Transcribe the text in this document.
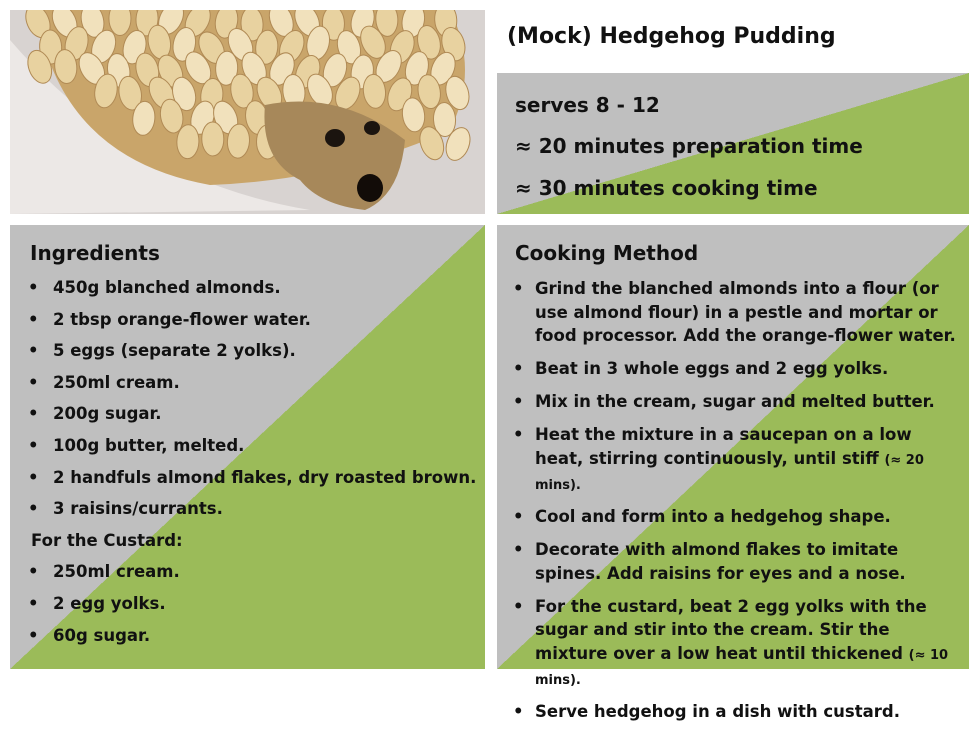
(Mock) Hedgehog Pudding
serves 8 - 12
≈ 20 minutes preparation time
≈ 30 minutes cooking time
Ingredients
• 450g blanched almonds.
• 2 tbsp orange-flower water.
• 5 eggs (separate 2 yolks).
• 250ml cream.
• 200g sugar.
• 100g butter, melted.
• 2 handfuls almond flakes, dry roasted brown.
• 3 raisins/currants.
For the Custard:
• 250ml cream.
• 2 egg yolks.
• 60g sugar.
Cooking Method
• Grind the blanched almonds into a flour (or use almond flour) in a pestle and mortar or food processor. Add the orange-flower water.
• Beat in 3 whole eggs and 2 egg yolks.
• Mix in the cream, sugar and melted butter.
• Heat the mixture in a saucepan on a low heat, stirring continuously, until stiff (≈ 20 mins).
• Cool and form into a hedgehog shape.
• Decorate with almond flakes to imitate spines. Add raisins for eyes and a nose.
• For the custard, beat 2 egg yolks with the sugar and stir into the cream. Stir the mixture over a low heat until thickened (≈ 10 mins).
• Serve hedgehog in a dish with custard.
